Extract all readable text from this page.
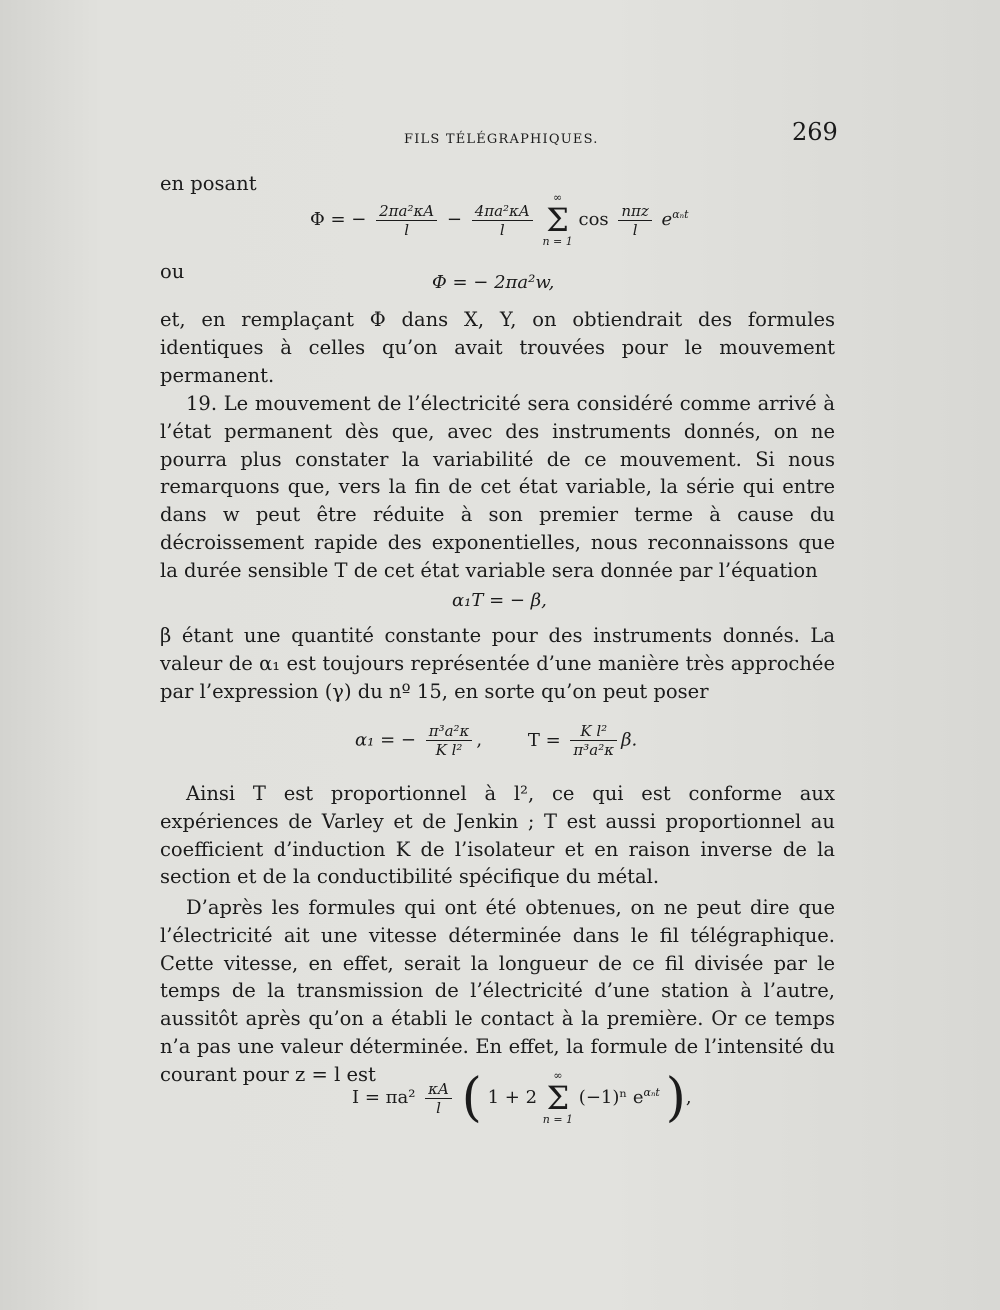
FILS TÉLÉGRAPHIQUES.	269
en posant
Φ = − $\frac{\text{2πa²κA}}{l} - \frac{\text{4πa²κA}}{l}$

∞
Σ
n = 1
$\cos \frac{\text{nπz}}{l} e^{\alpha_nt}$
ou	Φ = − 2πa²w,

et, en remplaçant Φ dans X, Y, on obtiendrait des formules identiques à celles qu’on avait trouvées pour le mouvement permanent.

19. Le mouvement de l’électricité sera considéré comme arrivé à l’état permanent dès que, avec des instruments donnés, on ne pourra plus constater la variabilité de ce mouvement. Si nous remarquons que, vers la fin de cet état variable, la série qui entre dans w peut être réduite à son premier terme à cause du décroissement rapide des exponentielles, nous reconnaissons que la durée sensible T de cet état variable sera donnée par l’équation

α₁T = − β,

β étant une quantité constante pour des instruments donnés. La valeur de α₁ est toujours représentée d’une manière très approchée par l’expression (γ) du nº 15, en sorte qu’on peut poser

α₁ = − $\frac{\text{π³a²κ}}{\text{K l²}}$ ,	$T = \frac{\text{K l²}}{\text{π³a²κ}} \beta$.

Ainsi T est proportionnel à l², ce qui est conforme aux expériences de Varley et de Jenkin ; T est aussi proportionnel au coefficient d’induction K de l’isolateur et en raison inverse de la section et de la conductibilité spécifique du métal.

D’après les formules qui ont été obtenues, on ne peut dire que l’électricité ait une vitesse déterminée dans le fil télégraphique. Cette vitesse, en effet, serait la longueur de ce fil divisée par le temps de la transmission de l’électricité d’une station à l’autre, aussitôt après qu’on a établi le contact à la première. Or ce temps n’a pas une valeur déterminée. En effet, la formule de l’intensité du courant pour z = l est

$I = \pi a^2 \frac{\kappa A}{l}$ ( 1 + 2
∞
Σ
n = 1
(−1)ⁿ $e^{\alpha_nt}$ ),
